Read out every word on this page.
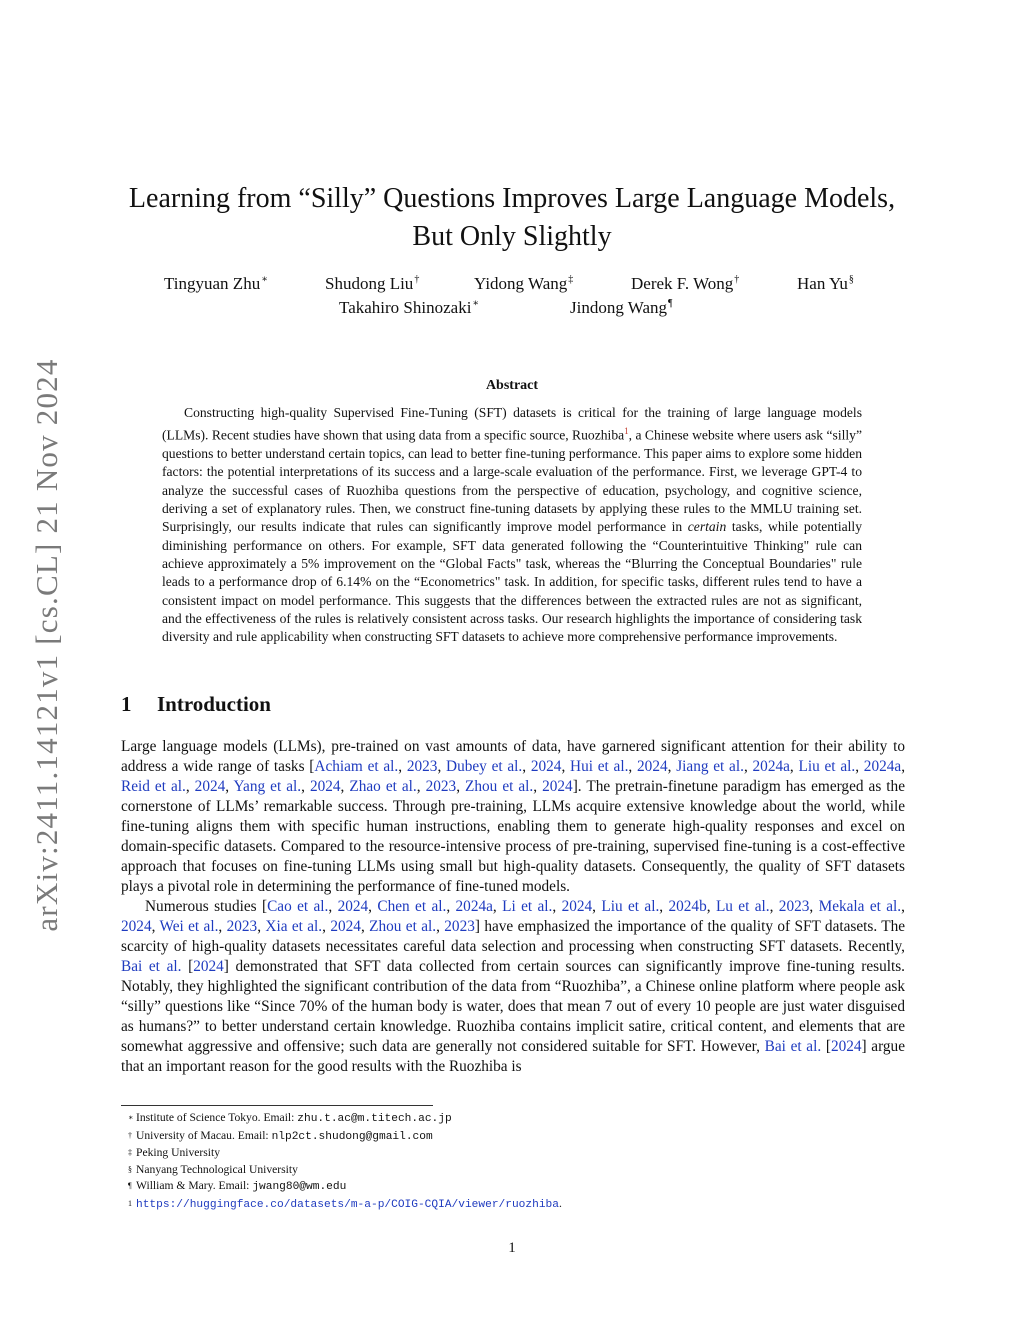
arXiv:2411.14121v1 [cs.CL] 21 Nov 2024
Learning from “Silly” Questions Improves Large Language Models,
But Only Slightly
Tingyuan Zhu∗	Shudong Liu†	Yidong Wang‡	Derek F. Wong†	Han Yu§
Takahiro Shinozaki∗	Jindong Wang¶
Abstract

Constructing high-quality Supervised Fine-Tuning (SFT) datasets is critical for the training of large language models (LLMs). Recent studies have shown that using data from a specific source, Ruozhiba$^1$, a Chinese website where users ask “silly” questions to better understand certain topics, can lead to better fine-tuning performance. This paper aims to explore some hidden factors: the potential interpretations of its success and a large-scale evaluation of the performance. First, we leverage GPT-4 to analyze the successful cases of Ruozhiba questions from the perspective of education, psychology, and cognitive science, deriving a set of explanatory rules. Then, we construct fine-tuning datasets by applying these rules to the MMLU training set. Surprisingly, our results indicate that rules can significantly improve model performance in certain tasks, while potentially diminishing performance on others. For example, SFT data generated following the “Counterintuitive Thinking" rule can achieve approximately a 5% improvement on the “Global Facts" task, whereas the “Blurring the Conceptual Boundaries" rule leads to a performance drop of 6.14% on the “Econometrics" task. In addition, for specific tasks, different rules tend to have a consistent impact on model performance. This suggests that the differences between the extracted rules are not as significant, and the effectiveness of the rules is relatively consistent across tasks. Our research highlights the importance of considering task diversity and rule applicability when constructing SFT datasets to achieve more comprehensive performance improvements.

1 Introduction

Large language models (LLMs), pre-trained on vast amounts of data, have garnered significant attention for their ability to address a wide range of tasks [Achiam et al., 2023, Dubey et al., 2024, Hui et al., 2024, Jiang et al., 2024a, Liu et al., 2024a, Reid et al., 2024, Yang et al., 2024, Zhao et al., 2023, Zhou et al., 2024]. The pretrain-finetune paradigm has emerged as the cornerstone of LLMs’ remarkable success. Through pre-training, LLMs acquire extensive knowledge about the world, while fine-tuning aligns them with specific human instructions, enabling them to generate high-quality responses and excel on domain-specific datasets. Compared to the resource-intensive process of pre-training, supervised fine-tuning is a cost-effective approach that focuses on fine-tuning LLMs using small but high-quality datasets. Consequently, the quality of SFT datasets plays a pivotal role in determining the performance of fine-tuned models.

Numerous studies [Cao et al., 2024, Chen et al., 2024a, Li et al., 2024, Liu et al., 2024b, Lu et al., 2023, Mekala et al., 2024, Wei et al., 2023, Xia et al., 2024, Zhou et al., 2023] have emphasized the importance of the quality of SFT datasets. The scarcity of high-quality datasets necessitates careful data selection and processing when constructing SFT datasets. Recently, Bai et al. [2024] demonstrated that SFT data collected from certain sources can significantly improve fine-tuning results. Notably, they highlighted the significant contribution of the data from “Ruozhiba”, a Chinese online platform where people ask “silly” questions like “Since 70% of the human body is water, does that mean 7 out of every 10 people are just water disguised as humans?” to better understand certain knowledge. Ruozhiba contains implicit satire, critical content, and elements that are somewhat aggressive and offensive; such data are generally not considered suitable for SFT. However, Bai et al. [2024] argue that an important reason for the good results with the Ruozhiba is

∗ Institute of Science Tokyo. Email: zhu.t.ac@m.titech.ac.jp
† University of Macau. Email: nlp2ct.shudong@gmail.com
‡ Peking University
§ Nanyang Technological University
¶ William & Mary. Email: jwang80@wm.edu
1 https://huggingface.co/datasets/m-a-p/COIG-CQIA/viewer/ruozhiba.
1
